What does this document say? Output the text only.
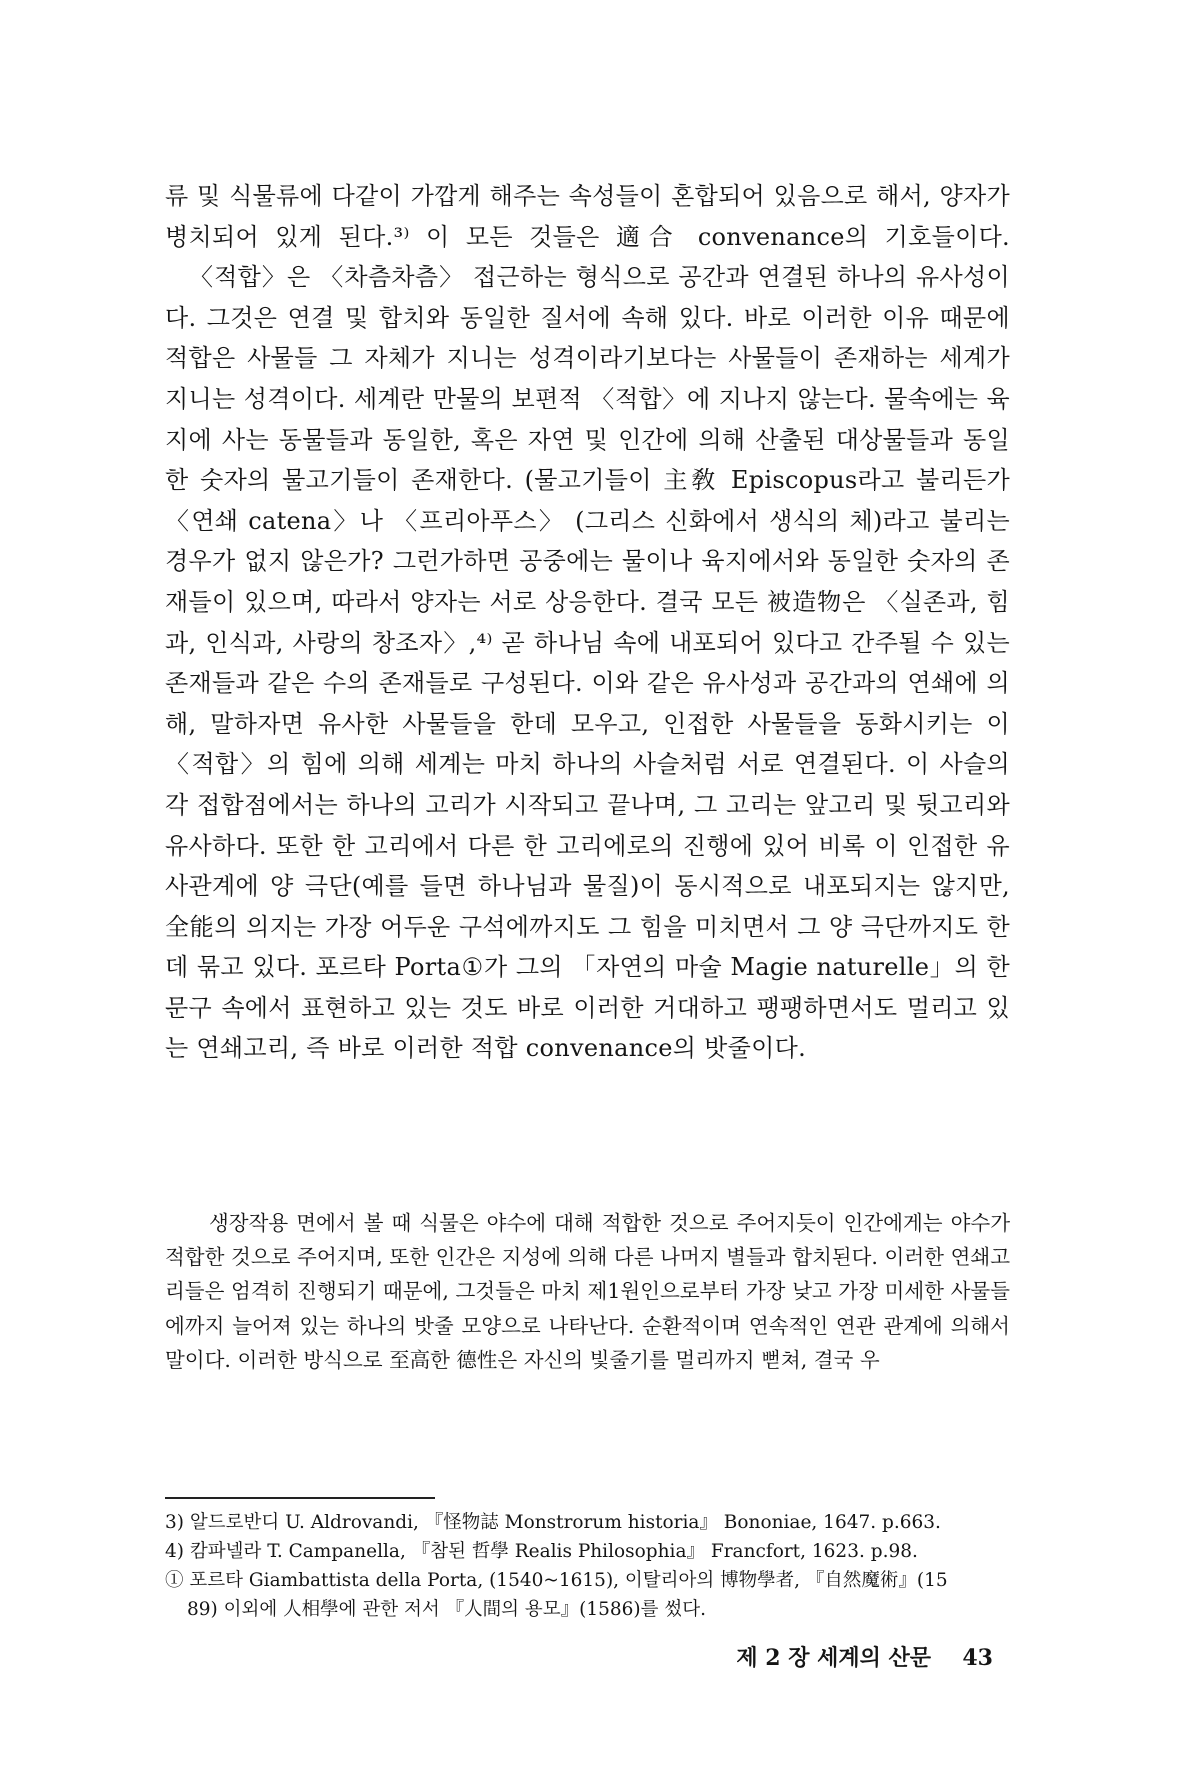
류 및 식물류에 다같이 가깝게 해주는 속성들이 혼합되어 있음으로 해서, 양자가 병치되어 있게 된다.³⁾ 이 모든 것들은 適合 convenance의 기호들이다.

〈적합〉은 〈차츰차츰〉 접근하는 형식으로 공간과 연결된 하나의 유사성이다. 그것은 연결 및 합치와 동일한 질서에 속해 있다. 바로 이러한 이유 때문에 적합은 사물들 그 자체가 지니는 성격이라기보다는 사물들이 존재하는 세계가 지니는 성격이다. 세계란 만물의 보편적 〈적합〉에 지나지 않는다. 물속에는 육지에 사는 동물들과 동일한, 혹은 자연 및 인간에 의해 산출된 대상물들과 동일한 숫자의 물고기들이 존재한다. (물고기들이 主敎 Episcopus라고 불리든가 〈연쇄 catena〉나 〈프리아푸스〉 (그리스 신화에서 생식의 체)라고 불리는 경우가 없지 않은가? 그런가하면 공중에는 물이나 육지에서와 동일한 숫자의 존재들이 있으며, 따라서 양자는 서로 상응한다. 결국 모든 被造物은 〈실존과, 힘과, 인식과, 사랑의 창조자〉,⁴⁾ 곧 하나님 속에 내포되어 있다고 간주될 수 있는 존재들과 같은 수의 존재들로 구성된다. 이와 같은 유사성과 공간과의 연쇄에 의해, 말하자면 유사한 사물들을 한데 모우고, 인접한 사물들을 동화시키는 이 〈적합〉의 힘에 의해 세계는 마치 하나의 사슬처럼 서로 연결된다. 이 사슬의 각 접합점에서는 하나의 고리가 시작되고 끝나며, 그 고리는 앞고리 및 뒷고리와 유사하다. 또한 한 고리에서 다른 한 고리에로의 진행에 있어 비록 이 인접한 유사관계에 양 극단(예를 들면 하나님과 물질)이 동시적으로 내포되지는 않지만, 全能의 의지는 가장 어두운 구석에까지도 그 힘을 미치면서 그 양 극단까지도 한데 묶고 있다. 포르타 Porta①가 그의 「자연의 마술 Magie naturelle」의 한 문구 속에서 표현하고 있는 것도 바로 이러한 거대하고 팽팽하면서도 멀리고 있는 연쇄고리, 즉 바로 이러한 적합 convenance의 밧줄이다.

생장작용 면에서 볼 때 식물은 야수에 대해 적합한 것으로 주어지듯이 인간에게는 야수가 적합한 것으로 주어지며, 또한 인간은 지성에 의해 다른 나머지 별들과 합치된다. 이러한 연쇄고리들은 엄격히 진행되기 때문에, 그것들은 마치 제1원인으로부터 가장 낮고 가장 미세한 사물들에까지 늘어져 있는 하나의 밧줄 모양으로 나타난다. 순환적이며 연속적인 연관 관계에 의해서 말이다. 이러한 방식으로 至高한 德性은 자신의 빛줄기를 멀리까지 뻗쳐, 결국 우

3) 알드로반디 U. Aldrovandi, 『怪物誌 Monstrorum historia』 Bononiae, 1647. p.663.

4) 캄파넬라 T. Campanella, 『참된 哲學 Realis Philosophia』 Francfort, 1623. p.98.

① 포르타 Giambattista della Porta, (1540~1615), 이탈리아의 博物學者, 『自然魔術』(15

89) 이외에 人相學에 관한 저서 『人間의 용모』(1586)를 썼다.

제 2 장 세계의 산문 43
